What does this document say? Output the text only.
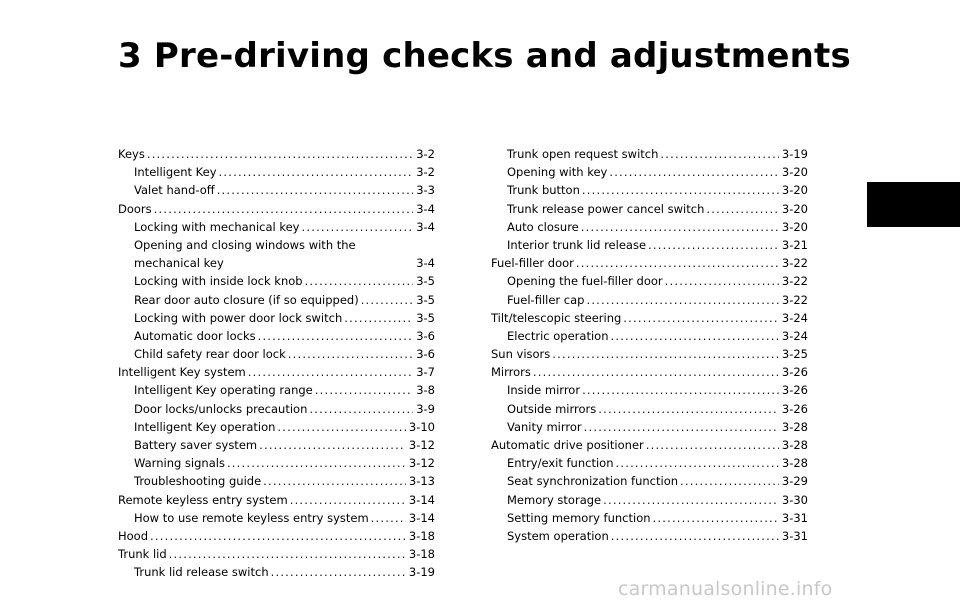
3 Pre-driving checks and adjustments
Keys .....	3-2
Intelligent Key .....	3-2
Valet hand-off .....	3-3
Doors .....	3-4
Locking with mechanical key .....	3-4
Opening and closing windows with the
mechanical key	3-4
Locking with inside lock knob .....	3-5
Rear door auto closure (if so equipped) .....	3-5
Locking with power door lock switch .....	3-5
Automatic door locks .....	3-6
Child safety rear door lock .....	3-6
Intelligent Key system .....	3-7
Intelligent Key operating range .....	3-8
Door locks/unlocks precaution .....	3-9
Intelligent Key operation .....	3-10
Battery saver system .....	3-12
Warning signals .....	3-12
Troubleshooting guide .....	3-13
Remote keyless entry system .....	3-14
How to use remote keyless entry system .....	3-14
Hood .....	3-18
Trunk lid .....	3-18
Trunk lid release switch .....	3-19
Trunk open request switch .....	3-19
Opening with key .....	3-20
Trunk button .....	3-20
Trunk release power cancel switch .....	3-20
Auto closure .....	3-20
Interior trunk lid release .....	3-21
Fuel-filler door .....	3-22
Opening the fuel-filler door .....	3-22
Fuel-filler cap .....	3-22
Tilt/telescopic steering .....	3-24
Electric operation .....	3-24
Sun visors .....	3-25
Mirrors .....	3-26
Inside mirror .....	3-26
Outside mirrors .....	3-26
Vanity mirror .....	3-28
Automatic drive positioner .....	3-28
Entry/exit function .....	3-28
Seat synchronization function .....	3-29
Memory storage .....	3-30
Setting memory function .....	3-31
System operation .....	3-31
carmanualsonline.info
